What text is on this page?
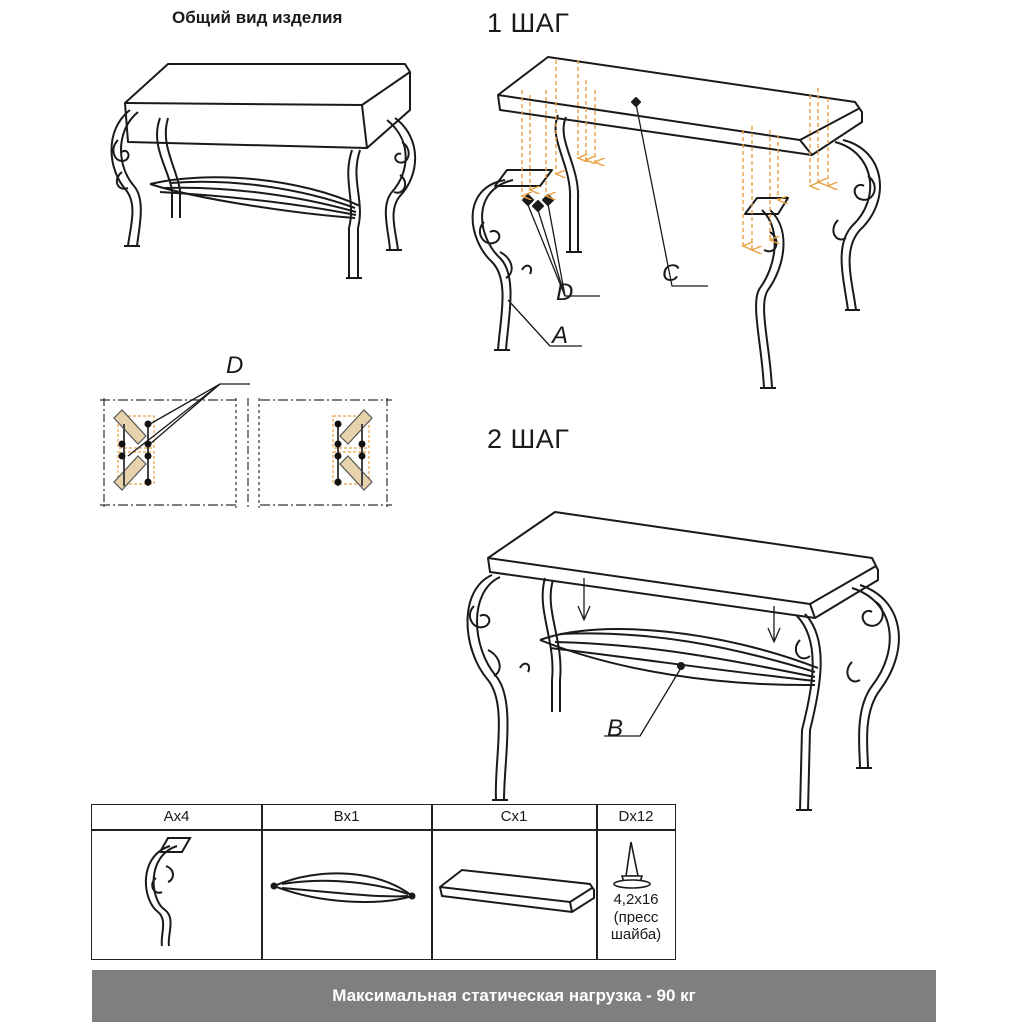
Общий вид изделия	1 ШАГ
2 ШАГ
D
C
A
D
B
Ax4	Bx1	Cx1	Dx12
4,2x16
(пресс
шайба)
Максимальная статическая нагрузка - 90 кг
